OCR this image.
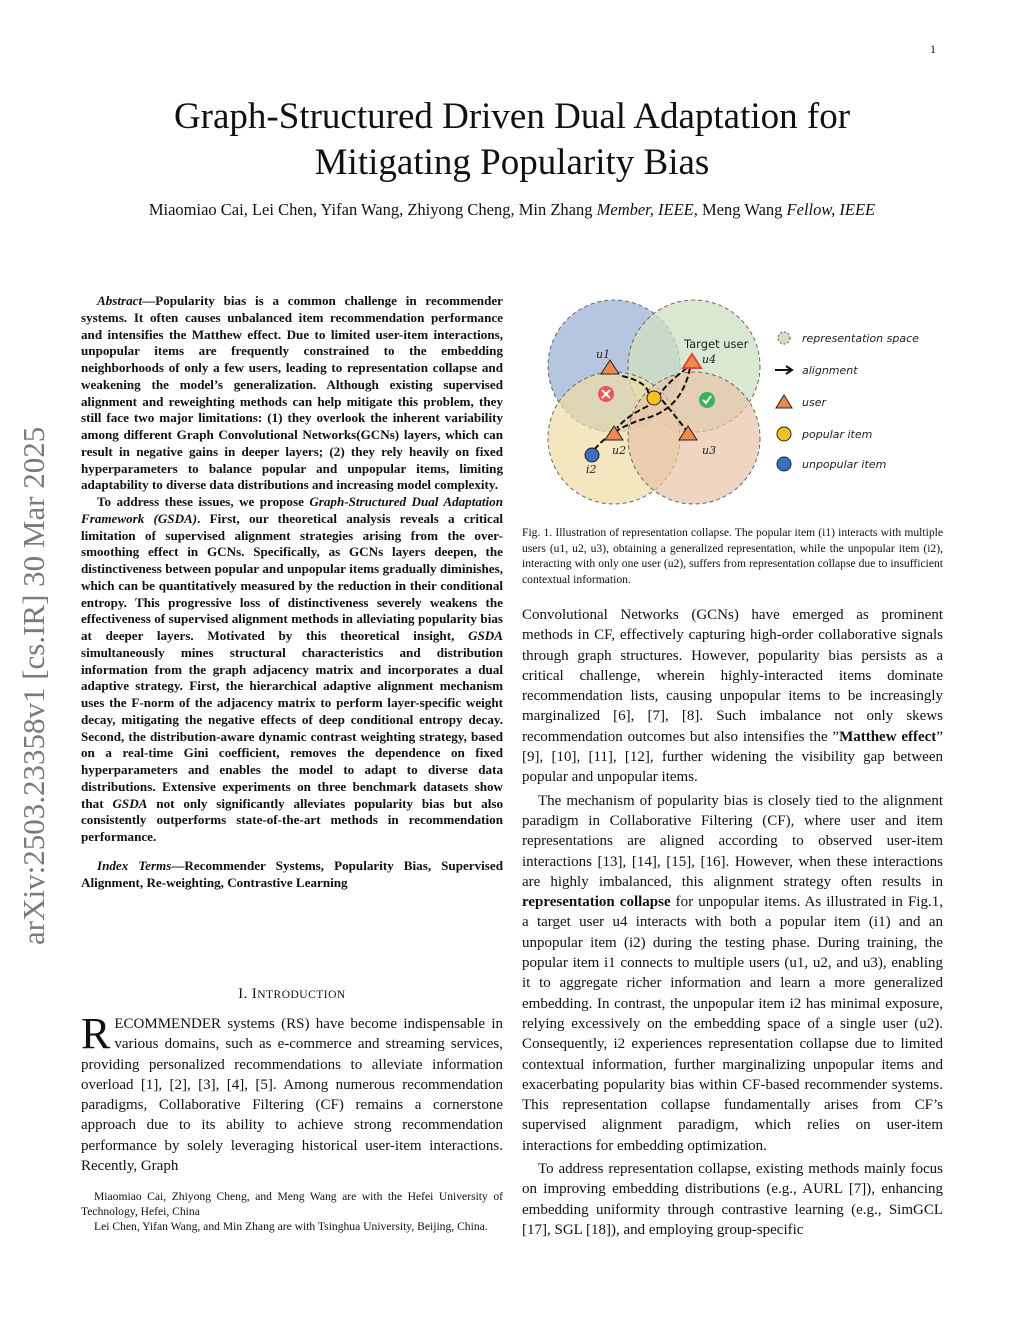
1
Graph-Structured Driven Dual Adaptation for
Mitigating Popularity Bias
Miaomiao Cai, Lei Chen, Yifan Wang, Zhiyong Cheng, Min Zhang Member, IEEE, Meng Wang Fellow, IEEE
arXiv:2503.23358v1 [cs.IR] 30 Mar 2025

Abstract—Popularity bias is a common challenge in recommender systems. It often causes unbalanced item recommendation performance and intensifies the Matthew effect. Due to limited user-item interactions, unpopular items are frequently constrained to the embedding neighborhoods of only a few users, leading to representation collapse and weakening the model’s generalization. Although existing supervised alignment and reweighting methods can help mitigate this problem, they still face two major limitations: (1) they overlook the inherent variability among different Graph Convolutional Networks(GCNs) layers, which can result in negative gains in deeper layers; (2) they rely heavily on fixed hyperparameters to balance popular and unpopular items, limiting adaptability to diverse data distributions and increasing model complexity.

To address these issues, we propose Graph-Structured Dual Adaptation Framework (GSDA). First, our theoretical analysis reveals a critical limitation of supervised alignment strategies arising from the over-smoothing effect in GCNs. Specifically, as GCNs layers deepen, the distinctiveness between popular and unpopular items gradually diminishes, which can be quantitatively measured by the reduction in their conditional entropy. This progressive loss of distinctiveness severely weakens the effectiveness of supervised alignment methods in alleviating popularity bias at deeper layers. Motivated by this theoretical insight, GSDA simultaneously mines structural characteristics and distribution information from the graph adjacency matrix and incorporates a dual adaptive strategy. First, the hierarchical adaptive alignment mechanism uses the F-norm of the adjacency matrix to perform layer-specific weight decay, mitigating the negative effects of deep conditional entropy decay. Second, the distribution-aware dynamic contrast weighting strategy, based on a real-time Gini coefficient, removes the dependence on fixed hyperparameters and enables the model to adapt to diverse data distributions. Extensive experiments on three benchmark datasets show that GSDA not only significantly alleviates popularity bias but also consistently outperforms state-of-the-art methods in recommendation performance.

Index Terms—Recommender Systems, Popularity Bias, Supervised Alignment, Re-weighting, Contrastive Learning

I. INTRODUCTION

RECOMMENDER systems (RS) have become indispensable in various domains, such as e-commerce and streaming services, providing personalized recommendations to alleviate information overload [1], [2], [3], [4], [5]. Among numerous recommendation paradigms, Collaborative Filtering (CF) remains a cornerstone approach due to its ability to achieve strong recommendation performance by solely leveraging historical user-item interactions. Recently, Graph

Miaomiao Cai, Zhiyong Cheng, and Meng Wang are with the Hefei University of Technology, Hefei, China

Lei Chen, Yifan Wang, and Min Zhang are with Tsinghua University, Beijing, China.

Target user
u1	u4
u2	u3
i2
representation space
alignment
user
popular item
unpopular item
Fig. 1. Illustration of representation collapse. The popular item (i1) interacts with multiple users (u1, u2, u3), obtaining a generalized representation, while the unpopular item (i2), interacting with only one user (u2), suffers from representation collapse due to insufficient contextual information.

Convolutional Networks (GCNs) have emerged as prominent methods in CF, effectively capturing high-order collaborative signals through graph structures. However, popularity bias persists as a critical challenge, wherein highly-interacted items dominate recommendation lists, causing unpopular items to be increasingly marginalized [6], [7], [8]. Such imbalance not only skews recommendation outcomes but also intensifies the ”Matthew effect” [9], [10], [11], [12], further widening the visibility gap between popular and unpopular items.

The mechanism of popularity bias is closely tied to the alignment paradigm in Collaborative Filtering (CF), where user and item representations are aligned according to observed user-item interactions [13], [14], [15], [16]. However, when these interactions are highly imbalanced, this alignment strategy often results in representation collapse for unpopular items. As illustrated in Fig.1, a target user u4 interacts with both a popular item (i1) and an unpopular item (i2) during the testing phase. During training, the popular item i1 connects to multiple users (u1, u2, and u3), enabling it to aggregate richer information and learn a more generalized embedding. In contrast, the unpopular item i2 has minimal exposure, relying excessively on the embedding space of a single user (u2). Consequently, i2 experiences representation collapse due to limited contextual information, further marginalizing unpopular items and exacerbating popularity bias within CF-based recommender systems. This representation collapse fundamentally arises from CF’s supervised alignment paradigm, which relies on user-item interactions for embedding optimization.

To address representation collapse, existing methods mainly focus on improving embedding distributions (e.g., AURL [7]), enhancing embedding uniformity through contrastive learning (e.g., SimGCL [17], SGL [18]), and employing group-specific
